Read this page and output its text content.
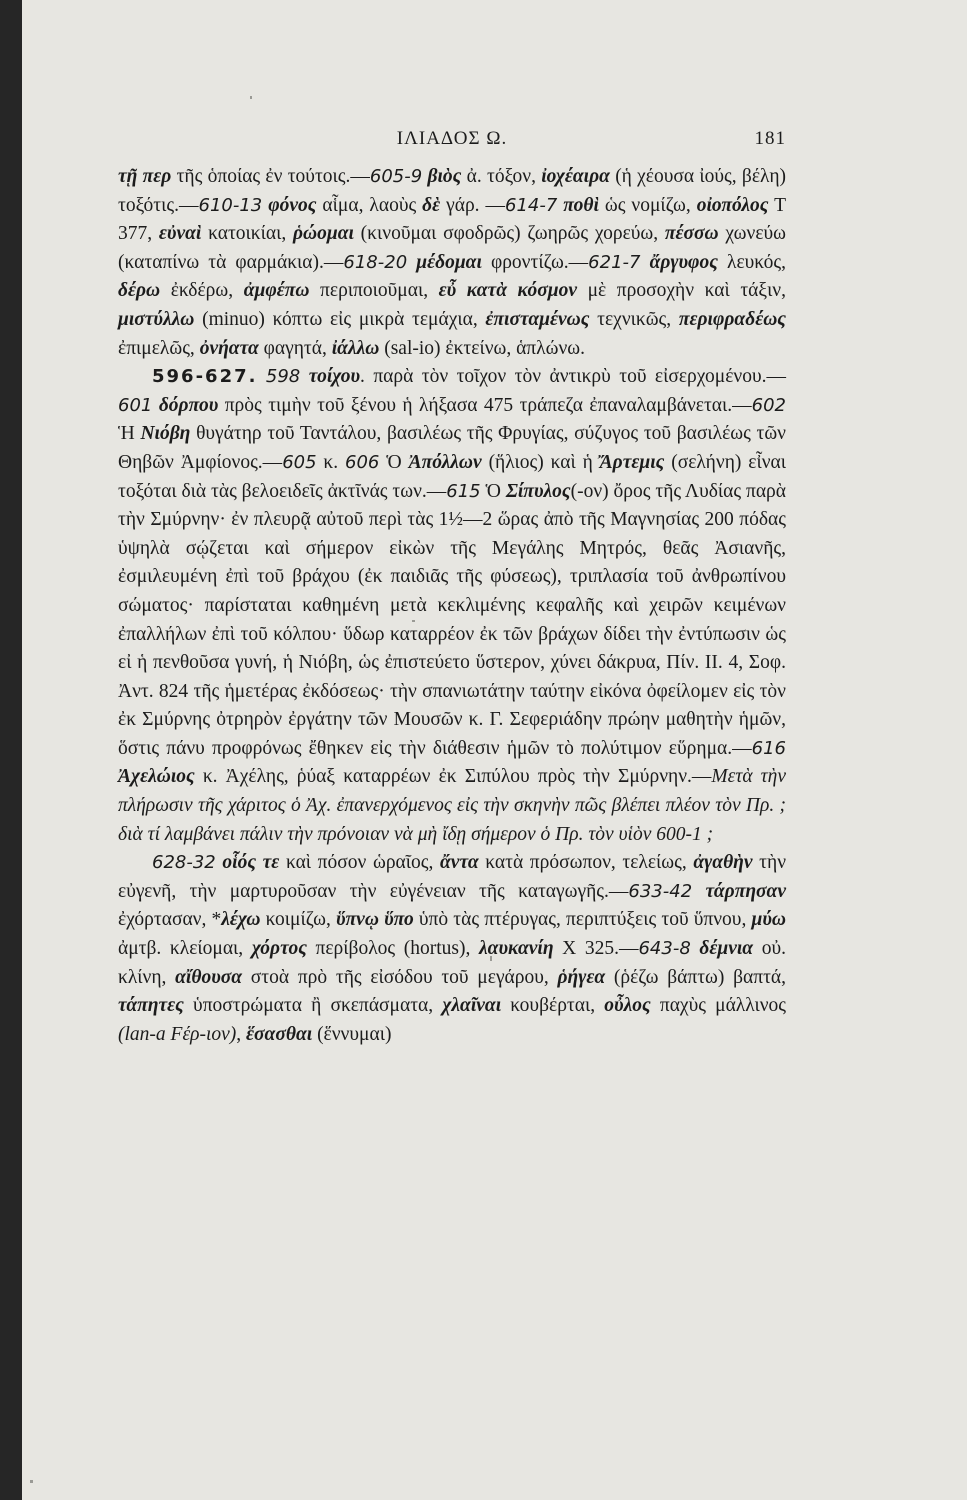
ΙΛΙΑΔΟΣ Ω.	181

τῇ περ τῆς ὁποίας ἐν τούτοις.—605-9 βιὸς ἀ. τόξον, ἰοχέαιρα (ἡ χέουσα ἰούς, βέλη) τοξότις.—610-13 φόνος αἷμα, λαοὺς δὲ γάρ. —614-7 ποθὶ ὡς νομίζω, οἰοπόλος Τ 377, εὐναὶ κατοικίαι, ῥώομαι (κινοῦμαι σφοδρῶς) ζωηρῶς χορεύω, πέσσω χωνεύω (καταπίνω τὰ φαρμάκια).—618-20 μέδομαι φροντίζω.—621-7 ἄργυφος λευκός, δέρω ἐκδέρω, ἀμφέπω περιποιοῦμαι, εὖ κατὰ κόσμον μὲ προσοχὴν καὶ τάξιν, μιστύλλω (minuo) κόπτω εἰς μικρὰ τεμάχια, ἐπισταμένως τεχνικῶς, περιφραδέως ἐπιμελῶς, ὀνήατα φαγητά, ἰάλλω (sal-io) ἐκτείνω, ἁπλώνω.

596-627. 598 τοίχου. παρὰ τὸν τοῖχον τὸν ἀντικρὺ τοῦ εἰσερχομένου.—601 δόρπου πρὸς τιμὴν τοῦ ξένου ἡ λήξασα 475 τράπεζα ἐπαναλαμβάνεται.—602 Ἡ Νιόβη θυγάτηρ τοῦ Ταντάλου, βασιλέως τῆς Φρυγίας, σύζυγος τοῦ βασιλέως τῶν Θηβῶν Ἀμφίονος.—605 κ. 606 Ὁ Ἀπόλλων (ἥλιος) καὶ ἡ Ἄρτεμις (σελήνη) εἶναι τοξόται διὰ τὰς βελοειδεῖς ἀκτῖνάς των.—615 Ὁ Σίπυλος(-ον) ὄρος τῆς Λυδίας παρὰ τὴν Σμύρνην· ἐν πλευρᾷ αὐτοῦ περὶ τὰς 1½—2 ὥρας ἀπὸ τῆς Μαγνησίας 200 πόδας ὑψηλὰ σῴζεται καὶ σήμερον εἰκὼν τῆς Μεγάλης Μητρός, θεᾶς Ἀσιανῆς, ἐσμιλευμένη ἐπὶ τοῦ βράχου (ἐκ παιδιᾶς τῆς φύσεως), τριπλασία τοῦ ἀνθρωπίνου σώματος· παρίσταται καθημένη μετὰ κεκλιμένης κεφαλῆς καὶ χειρῶν κειμένων ἐπαλλήλων ἐπὶ τοῦ κόλπου· ὕδωρ καταρρέον ἐκ τῶν βράχων δίδει τὴν ἐντύπωσιν ὡς εἰ ἡ πενθοῦσα γυνή, ἡ Νιόβη, ὡς ἐπιστεύετο ὕστερον, χύνει δάκρυα, Πίν. ΙΙ. 4, Σοφ. Ἀντ. 824 τῆς ἡμετέρας ἐκδόσεως· τὴν σπανιωτάτην ταύτην εἰκόνα ὀφείλομεν εἰς τὸν ἐκ Σμύρνης ὀτρηρὸν ἐργάτην τῶν Μουσῶν κ. Γ. Σεφεριάδην πρώην μαθητὴν ἡμῶν, ὅστις πάνυ προφρόνως ἔθηκεν εἰς τὴν διάθεσιν ἡμῶν τὸ πολύτιμον εὕρημα.—616 Ἀχελώιος κ. Ἀχέλης, ῥύαξ καταρρέων ἐκ Σιπύλου πρὸς τὴν Σμύρνην.—Μετὰ τὴν πλήρωσιν τῆς χάριτος ὁ Ἀχ. ἐπανερχόμενος εἰς τὴν σκηνὴν πῶς βλέπει πλέον τὸν Πρ. ; διὰ τί λαμβάνει πάλιν τὴν πρόνοιαν νὰ μὴ ἴδῃ σήμερον ὁ Πρ. τὸν υἱὸν 600-1 ;

628-32 οἷός τε καὶ πόσον ὡραῖος, ἄντα κατὰ πρόσωπον, τελείως, ἀγαθὴν τὴν εὐγενῆ, τὴν μαρτυροῦσαν τὴν εὐγένειαν τῆς καταγωγῆς.—633-42 τάρπησαν ἐχόρτασαν, *λέχω κοιμίζω, ὕπνῳ ὕπο ὑπὸ τὰς πτέρυγας, περιπτύξεις τοῦ ὕπνου, μύω ἀμτβ. κλείομαι, χόρτος περίβολος (hortus), λαυκανίη Χ 325.—643-8 δέμνια οὐ. κλίνη, αἴθουσα στοὰ πρὸ τῆς εἰσόδου τοῦ μεγάρου, ῥήγεα (ῥέζω βάπτω) βαπτά, τάπητες ὑποστρώματα ἢ σκεπάσματα, χλαῖναι κουβέρται, οὖλος παχὺς μάλλινος (lan-a Fέρ-ιον), ἕσασθαι (ἕννυμαι)
